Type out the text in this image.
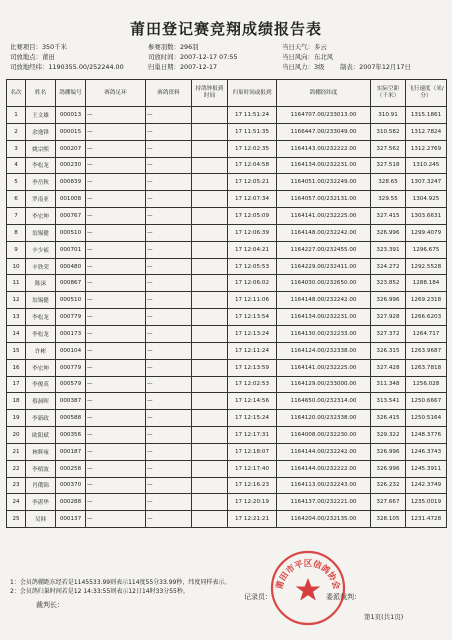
莆田登记赛竞翔成绩报告表
比赛项目：350千米
司放地点：莆田
司放地经纬：1190355.00/252244.00
参赛羽数：296羽
司放时间：2007-12-17 07:55
归巢日期：2007-12-17
当日天气：多云
当日风向：东北风
当日风力：3级 制表：2007年12月17日
名次	姓名	鸽棚编号	赛鸽足环	赛鸽资料	持鸽钟报到时间	归巢时间或报到	鸽棚经纬度	实际空距（千米）	飞行速度（米/分）
1	王文雄	000013	—	—		17 11:51:24	1164707.00/233013.00	310.91	1315.1861
2	余逸锋	000015	—	—		17 11:51:35	1166447.00/233049.00	310.582	1312.7824
3	姚宗熙	000207	—	—		17 12:02:35	1164143.00/232222.00	327.562	1312.2769
4	李松龙	000230	—	—		17 12:04:58	1164134.00/232231.00	327.518	1310.245
5	李岳秋	000839	—	—		17 12:05:21	1164051.00/232249.00	328.65	1307.3247
6	罗南亚	001008	—	—		17 12:07:34	1164057.00/232131.00	329.55	1304.925
7	李宏坤	000767	—	—		17 12:05:09	1164141.00/232225.00	327.415	1303.6631
8	翁锡健	000510	—	—		17 12:06:39	1164148.00/232242.00	326.996	1299.4079
9	辛少祯	000701	—	—		17 12:04:21	1164227.00/232455.00	323.391	1296.675
10	辛铁荣	000480	—	—		17 12:05:53	1164229.00/232411.00	324.272	1292.5528
11	陈沫	000867	—	—		17 12:06:02	1164030.00/232650.00	323.852	1288.184
12	翁锡健	000510	—	—		17 12:11:06	1164148.00/232242.00	326.996	1269.2318
13	李松龙	000779	—	—		17 12:13:54	1164134.00/232231.00	327.928	1266.6203
14	李松龙	000173	—	—		17 12:13:24	1164130.00/232233.00	327.372	1264.717
15	许彬	000104	—	—		17 12:11:24	1164124.00/232338.00	326.315	1263.9687
16	李宏坤	000779	—	—		17 12:13:59	1164141.00/232225.00	327.428	1263.7818
17	李俊英	000579	—	—		17 12:02:53	1164129.00/233000.00	311.348	1256.028
18	蔡洞晖	000387	—	—		17 12:14:56	1164650.00/232314.00	313.541	1250.6667
19	李新政	000588	—	—		17 12:15:24	1164120.00/232338.00	326.415	1250.5164
20	欧阳斌	000356	—	—		17 12:17:31	1164008.00/232230.00	329.322	1248.3776
21	林辉雍	000187	—	—		17 12:18:07	1164144.00/232242.00	326.996	1246.3743
22	李植波	000258	—	—		17 12:17:40	1164144.00/232222.00	326.996	1245.3911
23	肖俄锦	000370	—	—		17 12:16:23	1164113.00/232243.00	326.232	1242.3749
24	李湛华	000288	—	—		17 12:20:19	1164137.00/232221.00	327.667	1235.0019
25	吴韩	000137	—	—		17 12:21:21	1164204.00/232135.00	328.105	1231.4728
1：会员鸽棚距东经若是1145533.99则表示114度55分33.99秒，纬度同样表示。
2：会员鸽归巢时间若是12 14:33:55则表示12日14时33分55秒。
裁判长：
记录员：	委派裁判：
第1页(共1页)
莆田市平区信鸽协会
